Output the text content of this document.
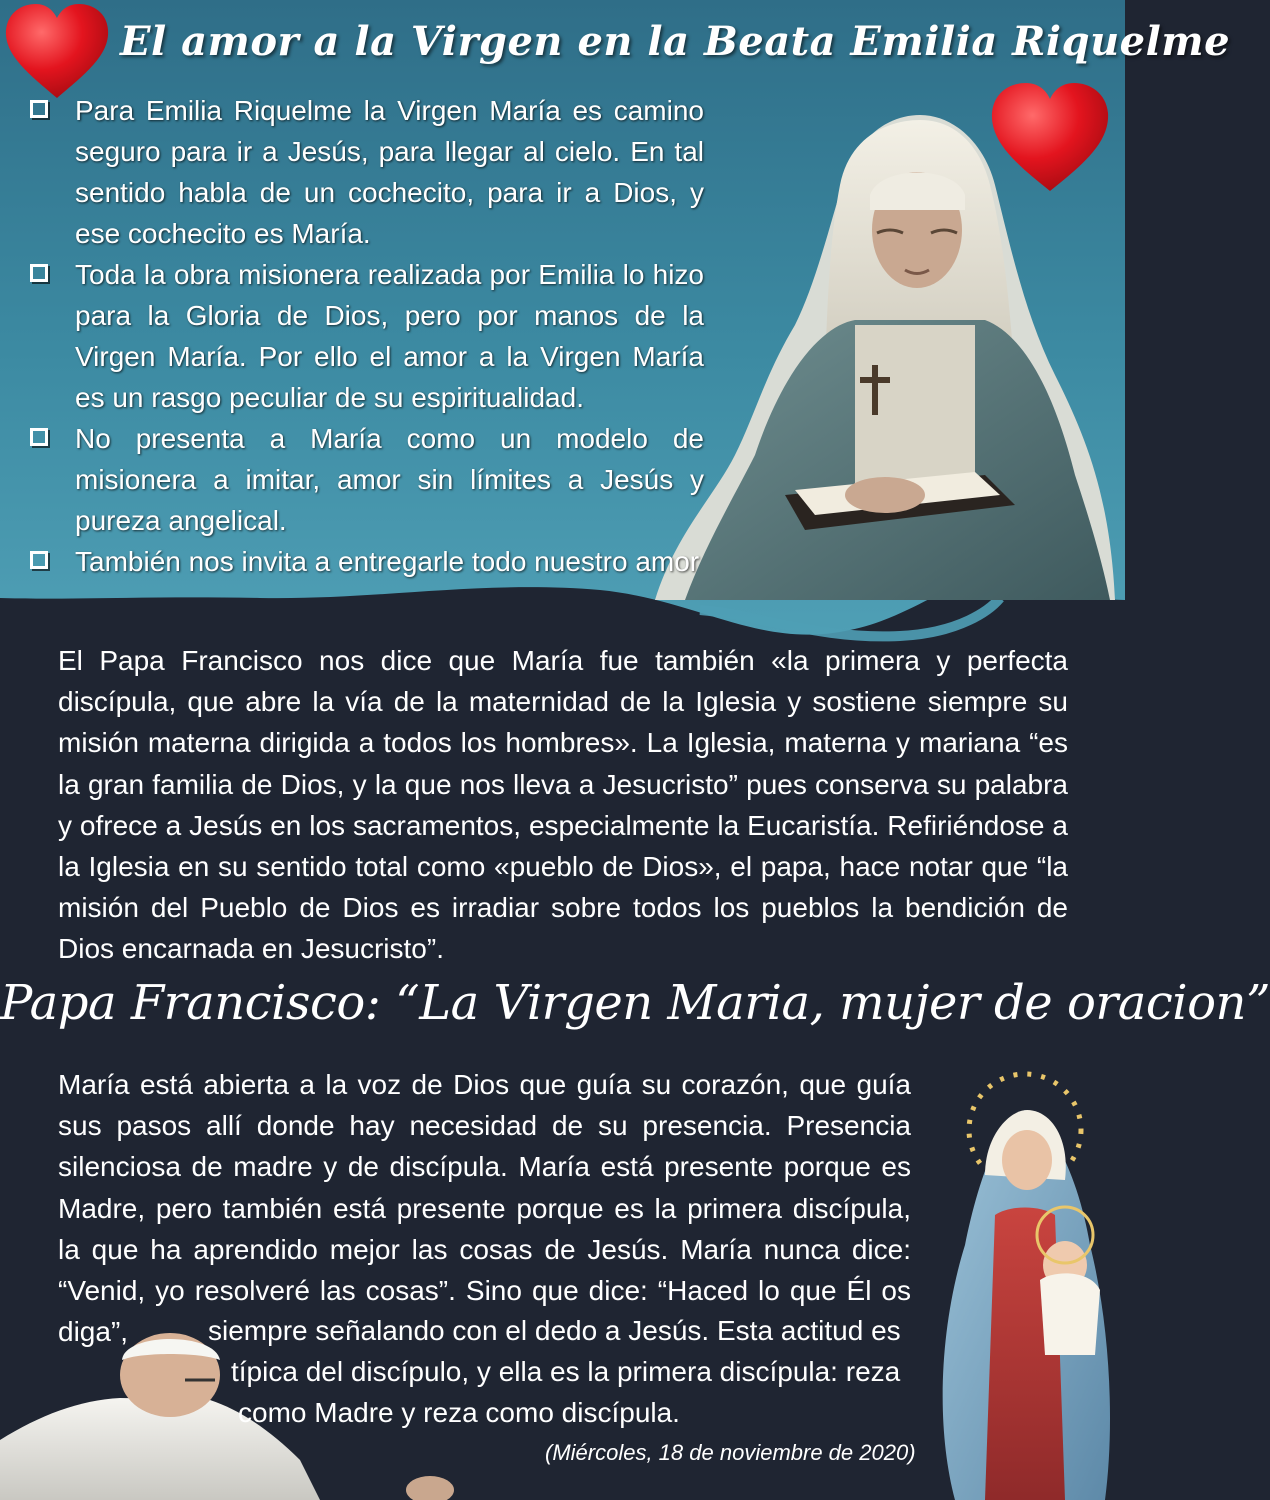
El amor a la Virgen en la Beata Emilia Riquelme
Para Emilia Riquelme la Virgen María es camino seguro para ir a Jesús, para llegar al cielo. En tal sentido habla de un cochecito, para ir a Dios, y ese cochecito es María.
Toda la obra misionera realizada por Emilia lo hizo para la Gloria de Dios, pero por manos de la Virgen María. Por ello el amor a la Virgen María es un rasgo peculiar de su espiritualidad.
No presenta a María como un modelo de misionera a imitar, amor sin límites a Jesús y pureza angelical.
También nos invita a entregarle todo nuestro amor

El Papa Francisco nos dice que María fue también «la primera y perfecta discípula, que abre la vía de la maternidad de la Iglesia y sostiene siempre su misión materna dirigida a todos los hombres». La Iglesia, materna y mariana “es la gran familia de Dios, y la que nos lleva a Jesucristo” pues conserva su palabra y ofrece a Jesús en los sacramentos, especialmente la Eucaristía. Refiriéndose a la Iglesia en su sentido total como «pueblo de Dios», el papa, hace notar que “la misión del Pueblo de Dios es irradiar sobre todos los pueblos la bendición de Dios encarnada en Jesucristo”.

Papa Francisco: “La Virgen Maria, mujer de oracion”

María está abierta a la voz de Dios que guía su corazón, que guía sus pasos allí donde hay necesidad de su presencia. Presencia silenciosa de madre y de discípula. María está presente porque es Madre, pero también está presente porque es la primera discípula, la que ha aprendido mejor las cosas de Jesús. María nunca dice: “Venid, yo resolveré las cosas”. Sino que dice: “Haced lo que Él os diga”,	siempre señalando con el dedo a Jesús. Esta actitud es

típica del discípulo, y ella es la primera discípula: reza

como Madre y reza como discípula.

(Miércoles, 18 de noviembre de 2020)
